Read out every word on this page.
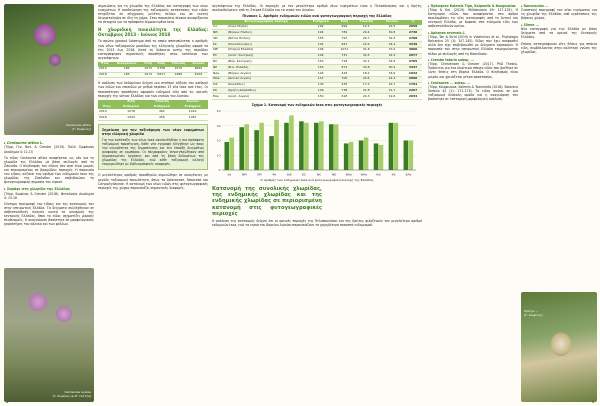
Centaurea attica
(Γ. Κωφίνας)
▸ Centaurea attica L.
(Τύρρ, Γεν. Βοτ. & Greuter (2019). Πολύ. Εμφάνιση Ακαδημία 4: 11-15
Το είδος Centaurea attica αναφέρεται ως νέο για τη χλωρίδα της Ελλάδας με βάση συλλογές από τη Ζάκυνθο. Ο πληθυσμός του είδους στο νησί είναι μικρός και περιορισμένος σε βραχώδεις περιοχές. Η παρουσία του είδους αυξάνει τον αριθμό των ενδημικών taxa της χλωρίδας της Ζακύνθου και επιβεβαιώνει τη φυτογεωγραφική σημασία του νησιού.
▸ Σαράφι στη χλωρίδα της Ελλάδας
(Τύρρ, Κωφίνας & Greuter (2018). Φυτολογία Ακαδημία 4: 15-16
Σύντομη περιγραφή του είδους και της κατανομής του στην ηπειρωτική Ελλάδα. Τα δείγματα συλλέχθηκαν σε ασβεστολιθικές πλαγιές κοντά σε οικισμούς της κεντρικής Ελλάδας, όπου το είδος σχηματίζει μικρούς πληθυσμούς. Η αναγνώριση βασίστηκε σε μορφολογικούς χαρακτήρες του κάλυκα και των φύλλων.
Centaurea lancea
(Γ. Κωφίνας & Μ. Γκάτζα)
4
σημειώσεις για τη χλωρίδα της Ελλάδας και καταγραφή των νέων ευρημάτων. Η αναθεώρηση της ταξινομικής κατάστασης των ειδών στηρίζεται σε σύγχρονες μελέτες πεδίου και σε εκτενή δειγματοληψία σε όλη τη χώρα. Στον παρακάτω πίνακα συνοψίζονται τα στοιχεία για τα πρόσφατα δημοσιευμένα taxa.
Η χλωριδική ποικιλότητα της Ελλάδας: Οκτώβριος 2013 - Ιούνιος 2018
Το πρώτο χρονικό διάστημα από το οποίο αποτυπώνεται ο αριθμός των νέων ταξινομικών μονάδων της ελληνικής χλωρίδας αφορά τα έτη 2013 έως 2018. Κατά τη διάρκεια αυτής της περιόδου καταγράφηκαν σημαντικές προσθήκες στον κατάλογο των αγγειόφυτων.
Έτος	Οικογένειες	Γένη	Είδη	Υποείδη	Σύνολο
2013	185	1073	5758	1970	6620
2018	185	1074	5817	1986	6706
Η ανάλυση των δεδομένων δείχνει μια σταθερή αύξηση του αριθμού των ειδών και υποειδών με ρυθμό περίπου 15 νέα taxa ανά έτος. Οι περισσότερες προσθήκες αφορούν ενδημικά είδη από τις ορεινές περιοχές της νότιας Ελλάδας και των νησιών του Αιγαίου.
	Είδη	Υποείδη	Σύνολο
Έτος	Ενδημικά	Ενδημικά	Ενδημικά
2013	1278	462	1419
2018	1320	456	1467
Σημείωση για την ταξινόμηση των νέων ευρημάτων στην ελληνική χλωρίδα
Για την κατάταξη των νέων taxa ακολουθήθηκε η πιο πρόσφατη ταξινομική προσέγγιση. Κάθε νέα εγγραφή ελέγχθηκε ως προς την εγκυρότητα της δημοσίευσης και την ύπαρξη δειγμάτων αναφοράς σε ερμπάρια. Οι πληροφορίες συγκεντρώθηκαν από δημοσιευμένες εργασίες και από τη βάση δεδομένων της χλωρίδας της Ελλάδας, ενώ κάθε ταξινομική αλλαγή τεκμηριώθηκε με βιβλιογραφικές αναφορές.
Ο μεγαλύτερος αριθμός προσθηκών σημειώθηκε σε οικογένειες με μεγάλη ταξινομική ποικιλότητα, όπως τα Asteraceae, Fabaceae και Caryophyllaceae. Η κατανομή των νέων ειδών στις φυτογεωγραφικές περιοχές της χώρας παρουσιάζει σημαντικές διαφορές.
αγγειόφυτων της Ελλάδας. Οι περιοχές με τον μεγαλύτερο αριθμό νέων ευρημάτων είναι η Πελοπόννησος και η Κρήτη, ακολουθούμενες από τη Στερεά Ελλάδα και τα νησιά του Αιγαίου.
Πίνακας 1. Αριθμός ενδημικών ειδών ανά φυτογεωγραφική περιοχή της Ελλάδας
	Φυτογεωγραφική περιοχή	Ενδημικά	Είδη	Υποείδη	Σύνολο	%
IoI	(Ιόνια Νησιά)	194	699	19.1	22.5	2058
NPi	(Βόρεια Πίνδος)	194	784	29.4	30.8	2736
SPi	(Νότια Πίνδος)	155	797	26.7	32.3	2708
Pe	(Πελοπόννησος)	142	847	22.6	34.4	3249
StE	(Στερεά Ελλάδα)	146	1071	31.8	37.0	3096
EC	(Ανατ. Κεντρική)	144	731	32.5	32.4	2977
NC	(Βόρ. Κεντρική)	152	718	32.1	32.8	2765
NE	(Β.Α. Ελλάδα)	154	874	30.8	30.9	3347
NAe	(Βόρειο Αιγαίο)	144	429	18.2	18.9	1632
WAe	(Δυτικό Αιγαίο)	147	700	20.4	22.4	2096
Kik	(Κυκλάδες)	139	435	17.5	16.7	1791
KK	(Κρήτη-Κάρπαθος)	146	738	31.8	31.7	2267
EAe	(Ανατ. Αιγαίο)	150	618	20.3	19.6	2034
Σχήμα 1. Κατανομή των ενδημικών taxa στις φυτογεωγραφικές περιοχές
0
10
20
30
40
IoI	NPi	SPi	Pe	StE	EC	NC	NE	NAe	WAe	Kik	KK	EAe
Ο αριθμός των ενδημικών taxa ανά φυτογεωγραφική περιοχή της Ελλάδας
Κατανομή της συνολικής χλωρίδας, της ενδημικής χλωρίδας και της ενδημικής χλωρίδας σε περιορισμένη κατανομή στις φυτογεωγραφικές περιοχές
Η ανάλυση της κατανομής δείχνει ότι οι ορεινές περιοχές της Πελοποννήσου και της Κρήτης φιλοξενούν τον μεγαλύτερο αριθμό ενδημικών taxa, ενώ τα νησιά του Βορείου Αιγαίου παρουσιάζουν τα χαμηλότερα ποσοστά ενδημισμού.
▸ Πρόσφατα Kalemis Tiga, Kalpoutis & Kougousias
(Τύρρ & Kal. (2019). Willdenowia 49: 117-125). Η Κατηγορία ειδών που αναφέρονται στο άρθρο περιλαμβάνει τις νέες καταγραφές από τη δυτική και κεντρική Ελλάδα, με έμφαση στα ενδημικά είδη των ασβεστολιθικών ορέων.
▸ Aphanes arvensis L.
(Τύρρ, Tan & Strid (2019) in Vladimirov et al., Phytologia Balcanica 25 (1): 107-145). Είδος που έχει αναφερθεί αλλά δεν είχε επιβεβαιωθεί με δείγματα ερμπαρίου. Η παρουσία του στην ηπειρωτική Ελλάδα τεκμηριώνεται πλέον με συλλογές από τη Μακεδονία.
▸ Crambe tataria subsp. ...
(Τύρρ, Christensen & Greuter (2017). PhD Thesis). Πρόκειται για ένα ιδιαίτερα σπάνιο είδος που βρέθηκε σε λίγες θέσεις στη βόρεια Ελλάδα. Ο πληθυσμός είναι μικρός και χρειάζεται μέτρα προστασίας.
▸ Centaurea ... subsp. ...
(Τύρρ, Kougousias, Kalemis & Tsamalidis (2018). Botanica Serbica 42 (1): 171-173). Το είδος ανήκει σε μια ταξινομικά δύσκολη ομάδα και η αναγνώρισή του βασίστηκε σε λεπτομερή μορφολογική ανάλυση.
▸ Ranunculus ...
Συνοπτική περιγραφή του νέου ευρήματος για τη χλωρίδα της Ελλάδας από υγρότοπους της βόρειας χώρας.
▸ Silene ...
Νέα καταγραφή για την Ελλάδα με βάση δείγματα από τα ορεινά της Κεντρικής Ελλάδας.
Επίσης καταγράφηκαν νέες θέσεις για σπάνια είδη, συμβάλλοντας στην καλύτερη γνώση της χλωρίδας.
Ophrys ...
(Γ. Κωφίνας)
5
